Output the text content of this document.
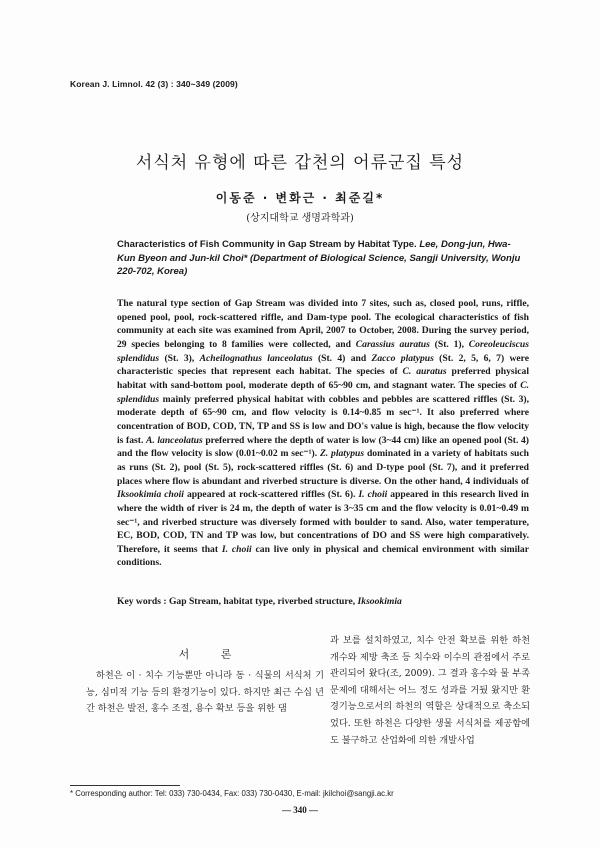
Korean J. Limnol. 42 (3) : 340~349 (2009)
서식처 유형에 따른 갑천의 어류군집 특성
이동준 · 변화근 · 최준길*
(상지대학교 생명과학과)
Characteristics of Fish Community in Gap Stream by Habitat Type. Lee, Dong-jun, Hwa-Kun Byeon and Jun-kil Choi* (Department of Biological Science, Sangji University, Wonju 220-702, Korea)
The natural type section of Gap Stream was divided into 7 sites, such as, closed pool, runs, riffle, opened pool, pool, rock-scattered riffle, and Dam-type pool. The ecological characteristics of fish community at each site was examined from April, 2007 to October, 2008. During the survey period, 29 species belonging to 8 families were collected, and Carassius auratus (St. 1), Coreoleuciscus splendidus (St. 3), Acheilognathus lanceolatus (St. 4) and Zacco platypus (St. 2, 5, 6, 7) were characteristic species that represent each habitat. The species of C. auratus preferred physical habitat with sand-bottom pool, moderate depth of 65~90 cm, and stagnant water. The species of C. splendidus mainly preferred physical habitat with cobbles and pebbles are scattered riffles (St. 3), moderate depth of 65~90 cm, and flow velocity is 0.14~0.85 m sec⁻¹. It also preferred where concentration of BOD, COD, TN, TP and SS is low and DO's value is high, because the flow velocity is fast. A. lanceolatus preferred where the depth of water is low (3~44 cm) like an opened pool (St. 4) and the flow velocity is slow (0.01~0.02 m sec⁻¹). Z. platypus dominated in a variety of habitats such as runs (St. 2), pool (St. 5), rock-scattered riffles (St. 6) and D-type pool (St. 7), and it preferred places where flow is abundant and riverbed structure is diverse. On the other hand, 4 individuals of Iksookimia choii appeared at rock-scattered riffles (St. 6). I. choii appeared in this research lived in where the width of river is 24 m, the depth of water is 3~35 cm and the flow velocity is 0.01~0.49 m sec⁻¹, and riverbed structure was diversely formed with boulder to sand. Also, water temperature, EC, BOD, COD, TN and TP was low, but concentrations of DO and SS were high comparatively. Therefore, it seems that I. choii can live only in physical and chemical environment with similar conditions.
Key words : Gap Stream, habitat type, riverbed structure, Iksookimia
서 론

하천은 이 · 치수 기능뿐만 아니라 동 · 식물의 서식처 기능, 심미적 기능 등의 환경기능이 있다. 하지만 최근 수십 년간 하천은 발전, 홍수 조절, 용수 확보 등을 위한 댐

과 보를 설치하였고, 치수 안전 확보를 위한 하천 개수와 제방 축조 등 치수와 이수의 관점에서 주로 관리되어 왔다(조, 2009). 그 결과 홍수와 물 부족 문제에 대해서는 어느 정도 성과를 거뒀 왔지만 환경기능으로서의 하천의 역할은 상대적으로 축소되었다. 또한 하천은 다양한 생물 서식처를 제공함에도 불구하고 산업화에 의한 개발사업

* Corresponding author: Tel: 033) 730-0434, Fax: 033) 730-0430, E-mail: jkilchoi@sangji.ac.kr
— 340 —
